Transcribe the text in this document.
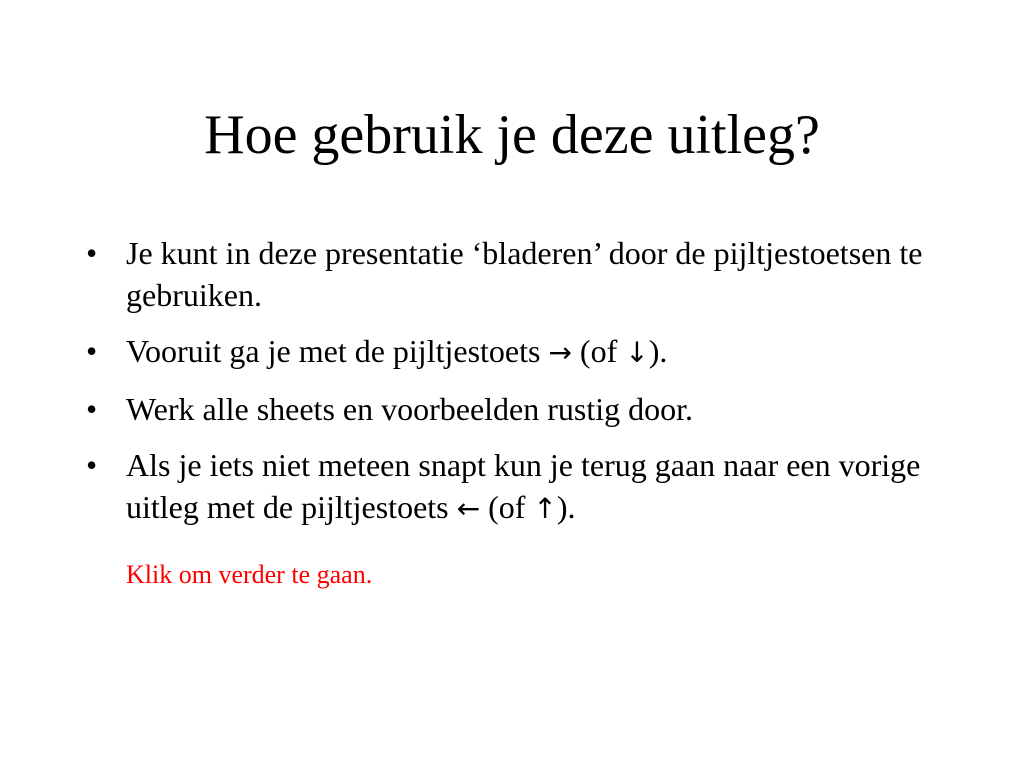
Hoe gebruik je deze uitleg?
• Je kunt in deze presentatie ‘bladeren’ door de pijltjestoetsen te gebruiken.
• Vooruit ga je met de pijltjestoets → (of ↓).
• Werk alle sheets en voorbeelden rustig door.
• Als je iets niet meteen snapt kun je terug gaan naar een vorige uitleg met de pijltjestoets ← (of ↑).
Klik om verder te gaan.
